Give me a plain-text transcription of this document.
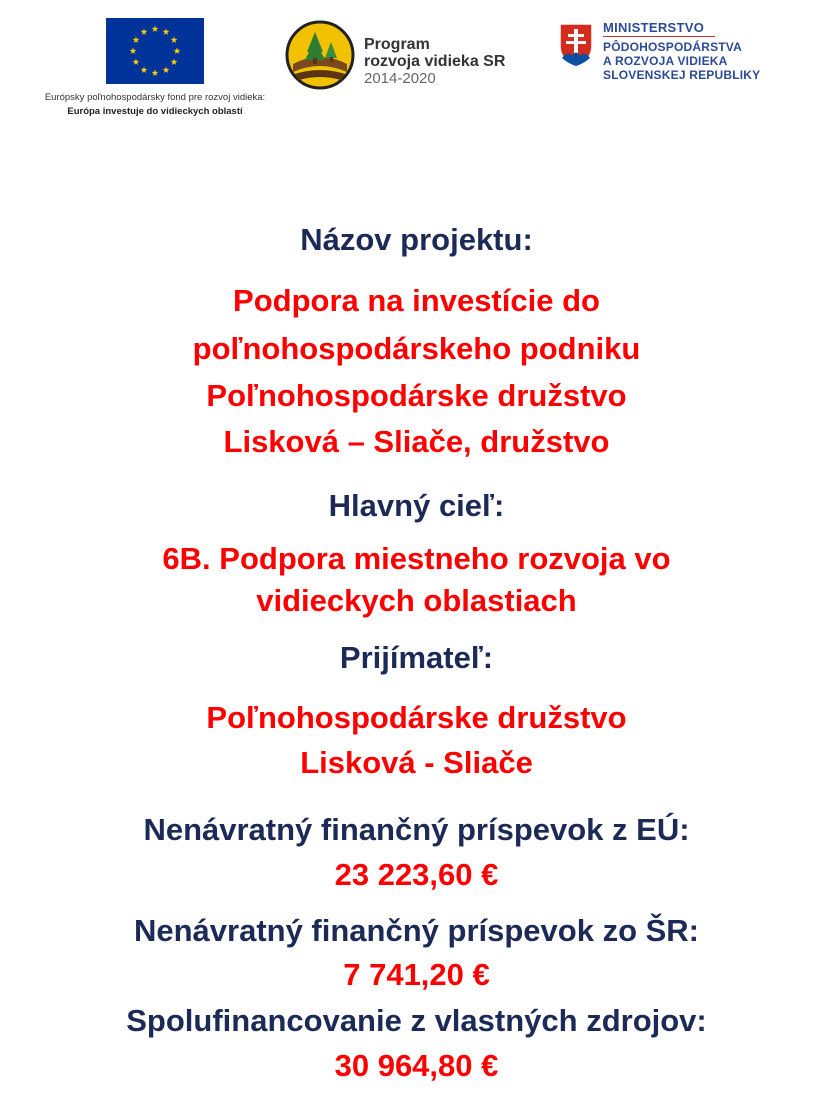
Európsky poľnohospodársky fond pre rozvoj vidieka:
Európa investuje do vidieckych oblastí
Program
rozvoja vidieka SR
2014-2020
MINISTERSTVO
PÔDOHOSPODÁRSTVA
A ROZVOJA VIDIEKA
SLOVENSKEJ REPUBLIKY
Názov projektu:
Podpora na investície do
poľnohospodárskeho podniku
Poľnohospodárske družstvo
Lisková – Sliače, družstvo
Hlavný cieľ:
6B. Podpora miestneho rozvoja vo
vidieckych oblastiach
Prijímateľ:
Poľnohospodárske družstvo
Lisková - Sliače
Nenávratný finančný príspevok z EÚ:
23 223,60 €
Nenávratný finančný príspevok zo ŠR:
7 741,20 €
Spolufinancovanie z vlastných zdrojov:
30 964,80 €
